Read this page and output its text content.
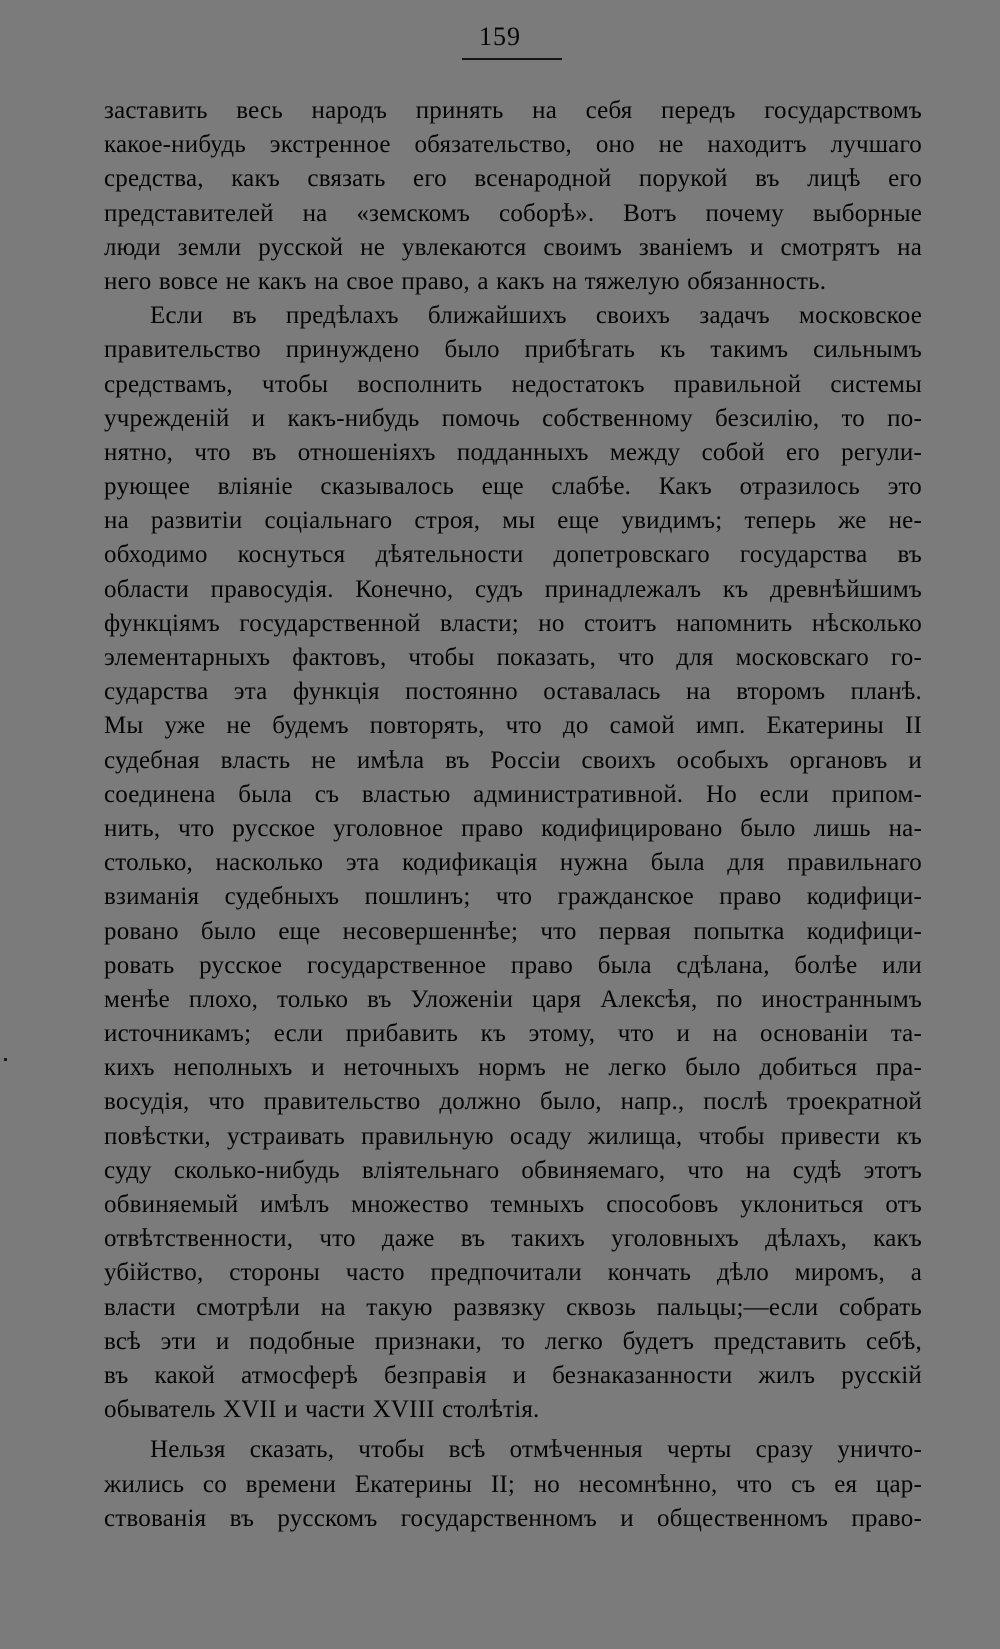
159
заставить весь народъ принять на себя передъ государствомъ
какое-нибудь экстренное обязательство, оно не находитъ лучшаго
средства, какъ связать его всенародной порукой въ лицѣ его
представителей на «земскомъ соборѣ». Вотъ почему выборные
люди земли русской не увлекаются своимъ званіемъ и смотрятъ на
него вовсе не какъ на свое право, а какъ на тяжелую обязанность.
Если въ предѣлахъ ближайшихъ своихъ задачъ московское
правительство принуждено было прибѣгать къ такимъ сильнымъ
средствамъ, чтобы восполнить недостатокъ правильной системы
учрежденій и какъ-нибудь помочь собственному безсилію, то по-
нятно, что въ отношеніяхъ подданныхъ между собой его регули-
рующее вліяніе сказывалось еще слабѣе. Какъ отразилось это
на развитіи соціальнаго строя, мы еще увидимъ; теперь же не-
обходимо коснуться дѣятельности допетровскаго государства въ
области правосудія. Конечно, судъ принадлежалъ къ древнѣйшимъ
функціямъ государственной власти; но стоитъ напомнить нѣсколько
элементарныхъ фактовъ, чтобы показать, что для московскаго го-
сударства эта функція постоянно оставалась на второмъ планѣ.
Мы уже не будемъ повторять, что до самой имп. Екатерины II
судебная власть не имѣла въ Россіи своихъ особыхъ органовъ и
соединена была съ властью административной. Но если припом-
нить, что русское уголовное право кодифицировано было лишь на-
столько, насколько эта кодификація нужна была для правильнаго
взиманія судебныхъ пошлинъ; что гражданское право кодифици-
ровано было еще несовершеннѣе; что первая попытка кодифици-
ровать русское государственное право была сдѣлана, болѣе или
менѣе плохо, только въ Уложеніи царя Алексѣя, по иностраннымъ
источникамъ; если прибавить къ этому, что и на основаніи та-
кихъ неполныхъ и неточныхъ нормъ не легко было добиться пра-
восудія, что правительство должно было, напр., послѣ троекратной
повѣстки, устраивать правильную осаду жилища, чтобы привести къ
суду сколько-нибудь вліятельнаго обвиняемаго, что на судѣ этотъ
обвиняемый имѣлъ множество темныхъ способовъ уклониться отъ
отвѣтственности, что даже въ такихъ уголовныхъ дѣлахъ, какъ
убійство, стороны часто предпочитали кончать дѣло миромъ, а
власти смотрѣли на такую развязку сквозь пальцы;—если собрать
всѣ эти и подобные признаки, то легко будетъ представить себѣ,
въ какой атмосферѣ безправія и безнаказанности жилъ русскій
обыватель XVII и части XVIII столѣтія.
Нельзя сказать, чтобы всѣ отмѣченныя черты сразу уничто-
жились со времени Екатерины II; но несомнѣнно, что съ ея цар-
ствованія въ русскомъ государственномъ и общественномъ право-
